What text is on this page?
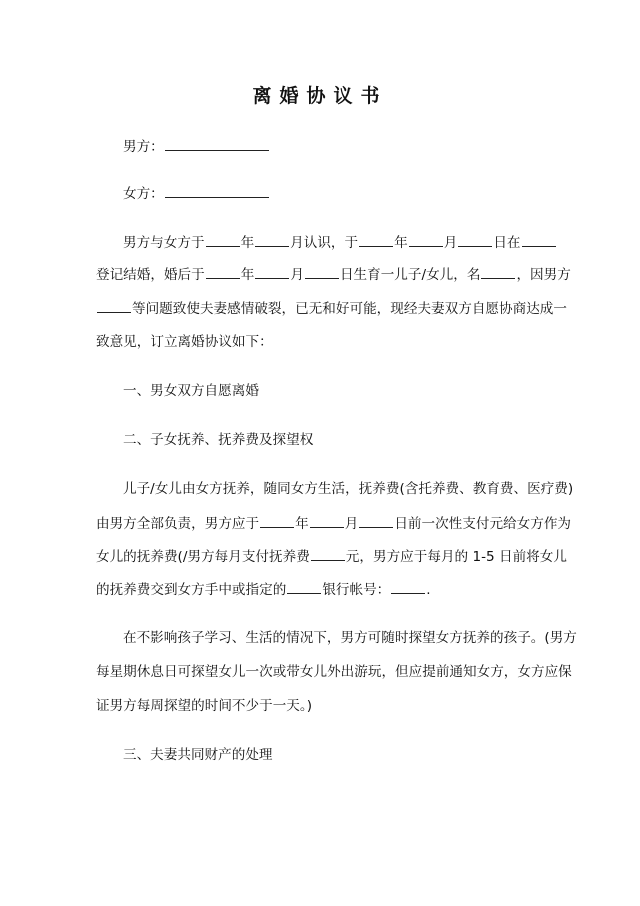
离婚协议书
男方：
女方：
男方与女方于	年	月认识，于	年	月	日在
登记结婚，婚后于	年	月	日生育一儿子/女儿，名	，因男方
等问题致使夫妻感情破裂，已无和好可能，现经夫妻双方自愿协商达成一
致意见，订立离婚协议如下：
一、男女双方自愿离婚
二、子女抚养、抚养费及探望权
儿子/女儿由女方抚养，随同女方生活，抚养费(含托养费、教育费、医疗费)
由男方全部负责，男方应于	年	月	日前一次性支付元给女方作为
女儿的抚养费(/男方每月支付抚养费	元，男方应于每月的 1-5 日前将女儿
的抚养费交到女方手中或指定的	银行帐号：	.
在不影响孩子学习、生活的情况下，男方可随时探望女方抚养的孩子。(男方
每星期休息日可探望女儿一次或带女儿外出游玩，但应提前通知女方，女方应保
证男方每周探望的时间不少于一天。)
三、夫妻共同财产的处理
